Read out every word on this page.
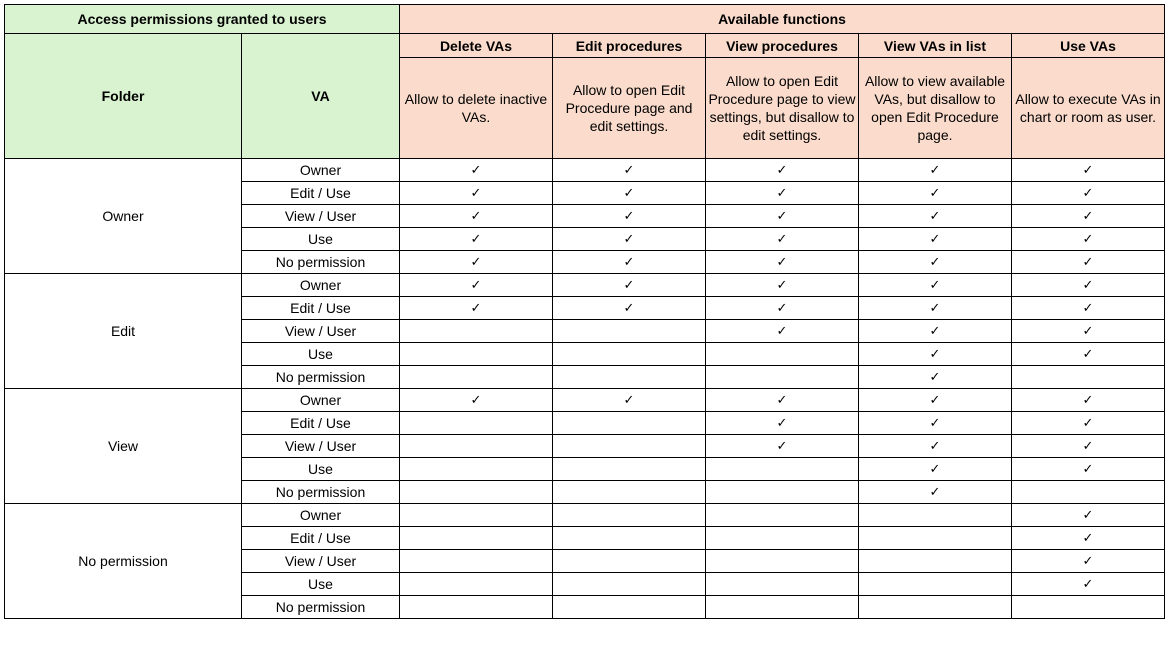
Access permissions granted to users		Available functions				
Folder	VA	Delete VAs	Edit procedures	View procedures	View VAs in list	Use VAs
		Allow to delete inactive VAs.	Allow to open Edit Procedure page and edit settings.	Allow to open Edit Procedure page to view settings, but disallow to edit settings.	Allow to view available VAs, but disallow to open Edit Procedure page.	Allow to execute VAs in chart or room as user.
Owner	Owner	✓	✓	✓	✓	✓
	Edit / Use	✓	✓	✓	✓	✓
	View / User	✓	✓	✓	✓	✓
	Use	✓	✓	✓	✓	✓
	No permission	✓	✓	✓	✓	✓
Edit	Owner	✓	✓	✓	✓	✓
	Edit / Use	✓	✓	✓	✓	✓
	View / User			✓	✓	✓
	Use				✓	✓
	No permission				✓	
View	Owner	✓	✓	✓	✓	✓
	Edit / Use			✓	✓	✓
	View / User			✓	✓	✓
	Use				✓	✓
	No permission				✓	
No permission	Owner					✓
	Edit / Use					✓
	View / User					✓
	Use					✓
	No permission					
